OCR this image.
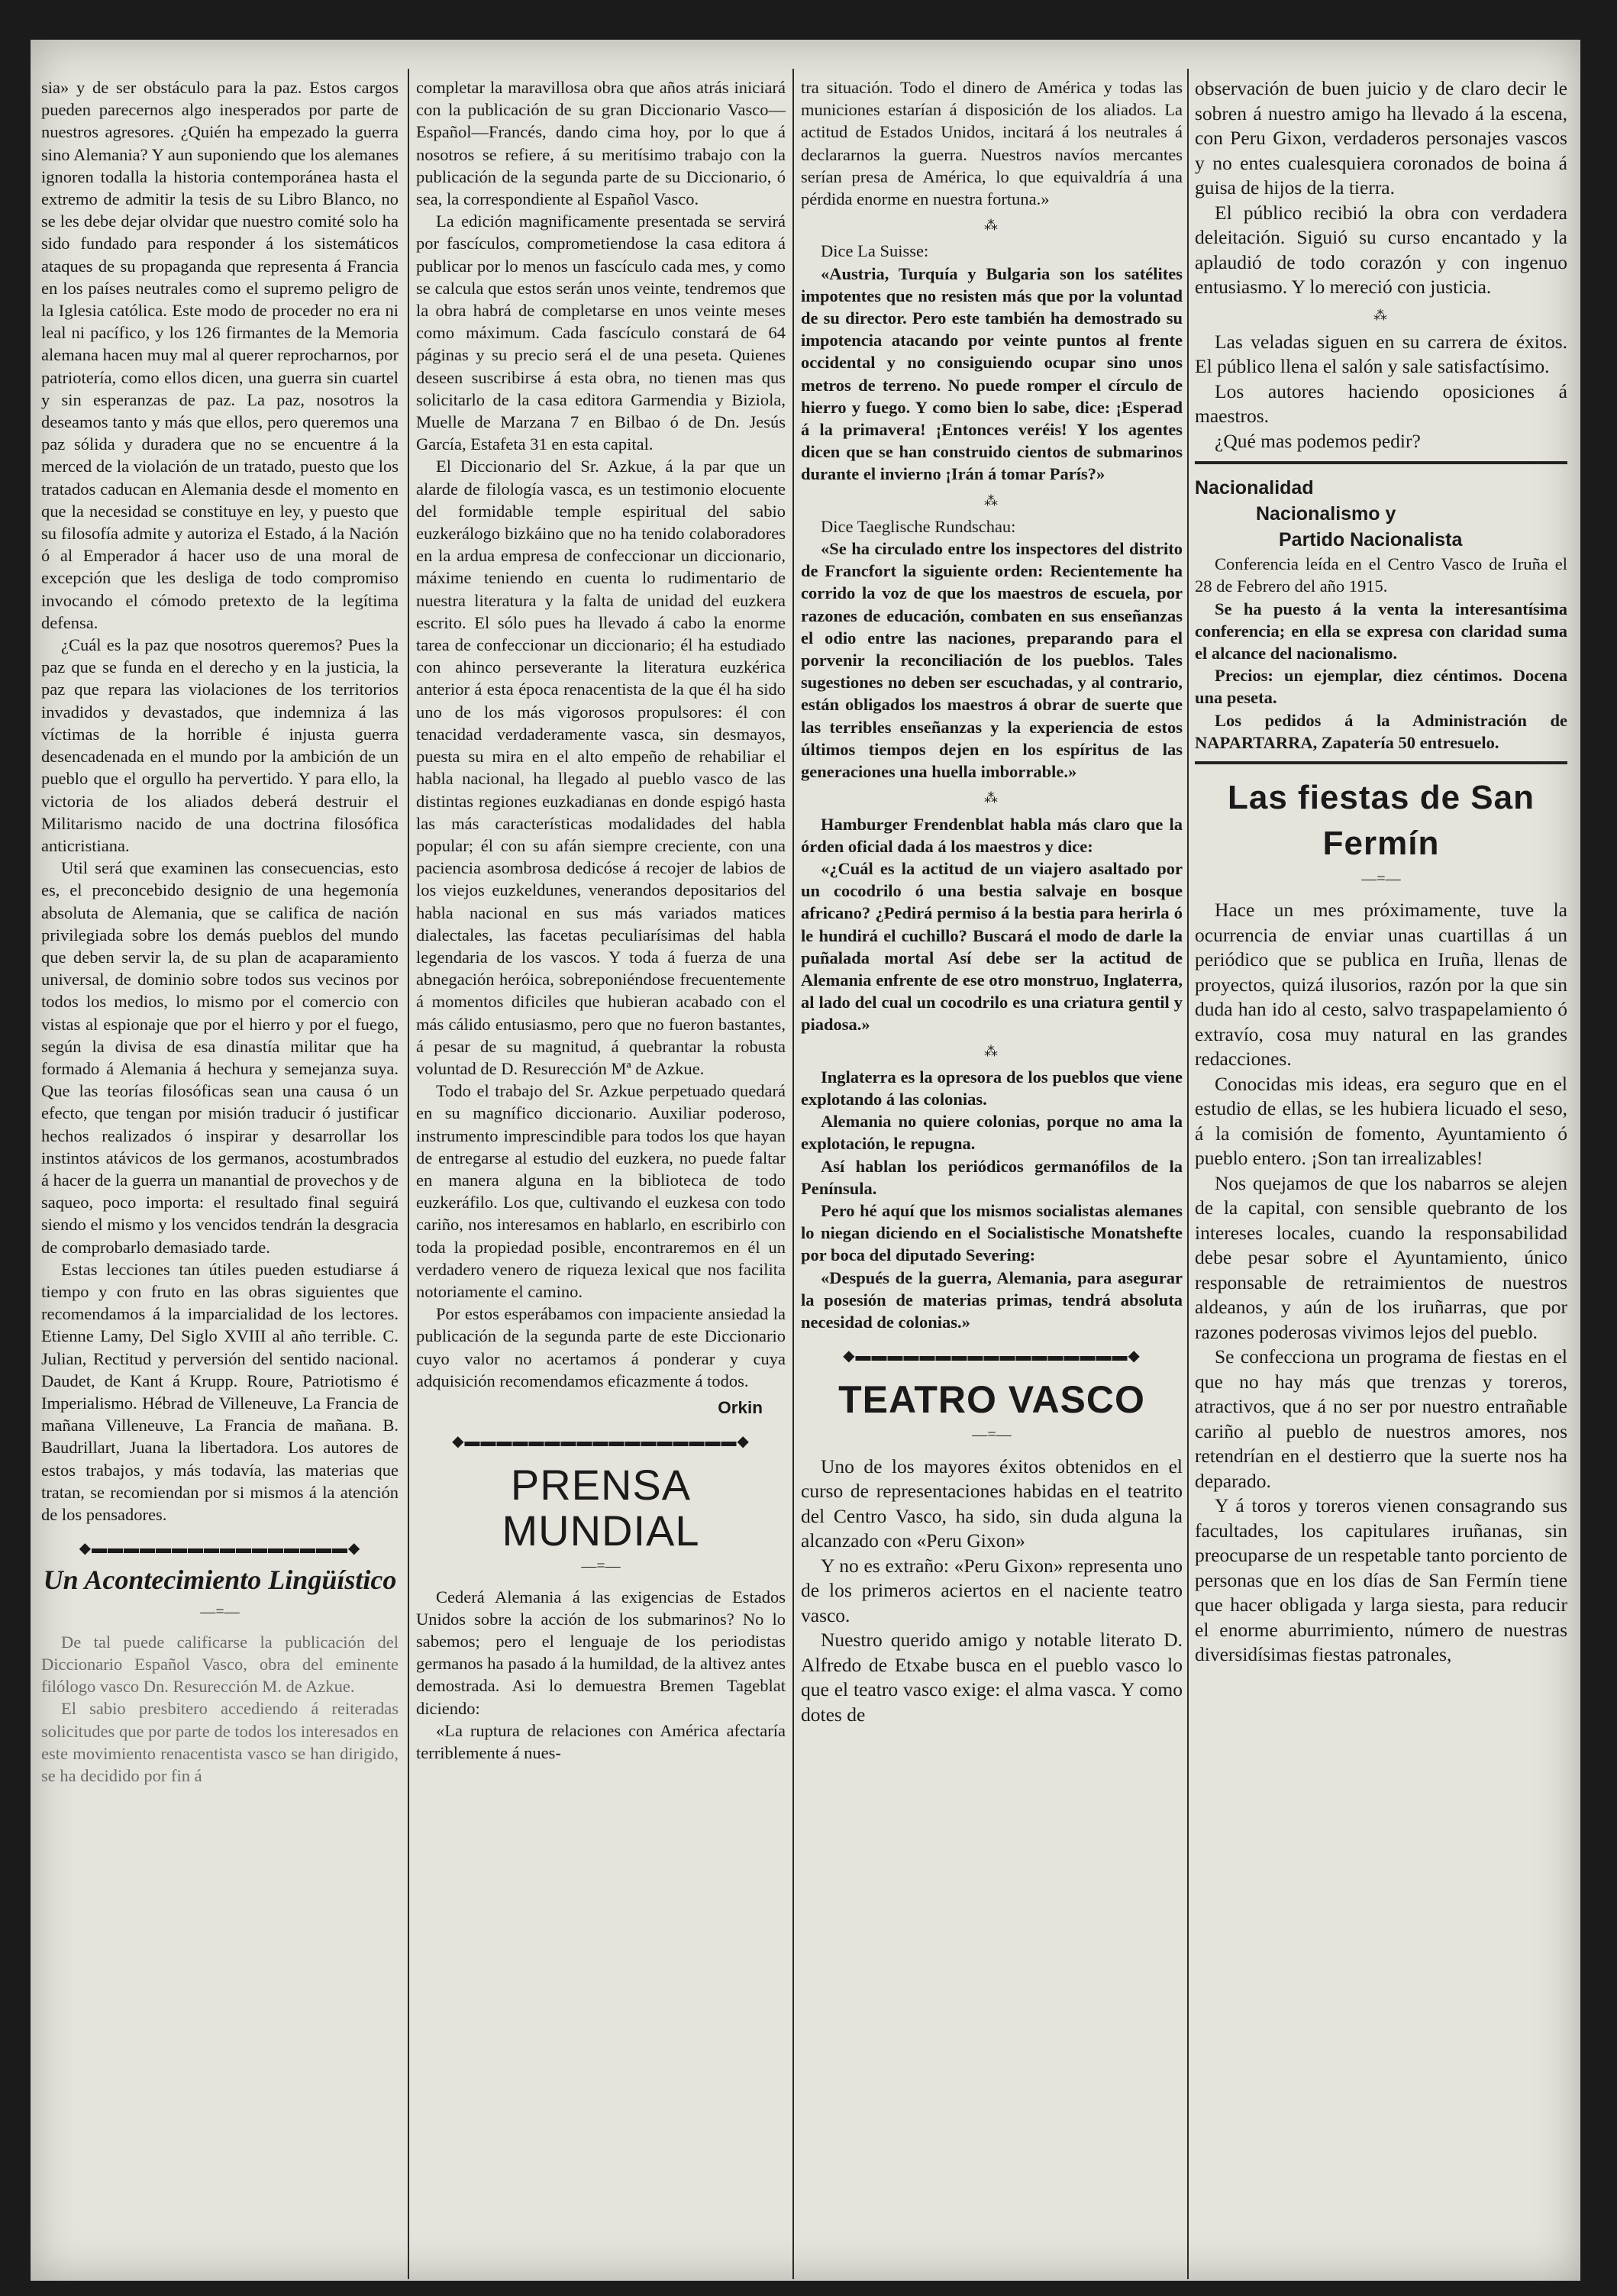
sia» y de ser obstáculo para la paz. Estos cargos pueden parecernos algo inesperados por parte de nuestros agresores. ¿Quién ha empezado la guerra sino Alemania? Y aun suponiendo que los alemanes ignoren todalla la historia contemporánea hasta el extremo de admitir la tesis de su Libro Blanco, no se les debe dejar olvidar que nuestro comité solo ha sido fundado para responder á los sistemáticos ataques de su propaganda que representa á Francia en los países neutrales como el supremo peligro de la Iglesia católica. Este modo de proceder no era ni leal ni pacífico, y los 126 firmantes de la Memoria alemana hacen muy mal al querer reprocharnos, por patriotería, como ellos dicen, una guerra sin cuartel y sin esperanzas de paz. La paz, nosotros la deseamos tanto y más que ellos, pero queremos una paz sólida y duradera que no se encuentre á la merced de la violación de un tratado, puesto que los tratados caducan en Alemania desde el momento en que la necesidad se constituye en ley, y puesto que su filosofía admite y autoriza el Estado, á la Nación ó al Emperador á hacer uso de una moral de excepción que les desliga de todo compromiso invocando el cómodo pretexto de la legítima defensa.

¿Cuál es la paz que nosotros queremos? Pues la paz que se funda en el derecho y en la justicia, la paz que repara las violaciones de los territorios invadidos y devastados, que indemniza á las víctimas de la horrible é injusta guerra desencadenada en el mundo por la ambición de un pueblo que el orgullo ha pervertido. Y para ello, la victoria de los aliados deberá destruir el Militarismo nacido de una doctrina filosófica anticristiana.

Util será que examinen las consecuencias, esto es, el preconcebido designio de una hegemonía absoluta de Alemania, que se califica de nación privilegiada sobre los demás pueblos del mundo que deben servir la, de su plan de acaparamiento universal, de dominio sobre todos sus vecinos por todos los medios, lo mismo por el comercio con vistas al espionaje que por el hierro y por el fuego, según la divisa de esa dinastía militar que ha formado á Alemania á hechura y semejanza suya. Que las teorías filosóficas sean una causa ó un efecto, que tengan por misión traducir ó justificar hechos realizados ó inspirar y desarrollar los instintos atávicos de los germanos, acostumbrados á hacer de la guerra un manantial de provechos y de saqueo, poco importa: el resultado final seguirá siendo el mismo y los vencidos tendrán la desgracia de comprobarlo demasiado tarde.

Estas lecciones tan útiles pueden estudiarse á tiempo y con fruto en las obras siguientes que recomendamos á la imparcialidad de los lectores. Etienne Lamy, Del Siglo XVIII al año terrible. C. Julian, Rectitud y perversión del sentido nacional. Daudet, de Kant á Krupp. Roure, Patriotismo é Imperialismo. Hébrad de Villeneuve, La Francia de mañana Villeneuve, La Francia de mañana. B. Baudrillart, Juana la libertadora. Los autores de estos trabajos, y más todavía, las materias que tratan, se recomiendan por si mismos á la atención de los pensadores.

◆▬▬▬▬▬▬▬▬▬▬▬▬▬▬▬▬◆
Un Acontecimiento Lingüístico
—=—

De tal puede calificarse la publicación del Diccionario Español Vasco, obra del eminente filólogo vasco Dn. Resurección M. de Azkue.

El sabio presbitero accediendo á reiteradas solicitudes que por parte de todos los interesados en este movimiento renacentista vasco se han dirigido, se ha decidido por fin á

completar la maravillosa obra que años atrás iniciará con la publicación de su gran Diccionario Vasco—Español—Francés, dando cima hoy, por lo que á nosotros se refiere, á su meritísimo trabajo con la publicación de la segunda parte de su Diccionario, ó sea, la correspondiente al Español Vasco.

La edición magnificamente presentada se servirá por fascículos, comprometiendose la casa editora á publicar por lo menos un fascículo cada mes, y como se calcula que estos serán unos veinte, tendremos que la obra habrá de completarse en unos veinte meses como máximum. Cada fascículo constará de 64 páginas y su precio será el de una peseta. Quienes deseen suscribirse á esta obra, no tienen mas qus solicitarlo de la casa editora Garmendia y Biziola, Muelle de Marzana 7 en Bilbao ó de Dn. Jesús García, Estafeta 31 en esta capital.

El Diccionario del Sr. Azkue, á la par que un alarde de filología vasca, es un testimonio elocuente del formidable temple espiritual del sabio euzkerálogo bizkáino que no ha tenido colaboradores en la ardua empresa de confeccionar un diccionario, máxime teniendo en cuenta lo rudimentario de nuestra literatura y la falta de unidad del euzkera escrito. El sólo pues ha llevado á cabo la enorme tarea de confeccionar un diccionario; él ha estudiado con ahinco perseverante la literatura euzkérica anterior á esta época renacentista de la que él ha sido uno de los más vigorosos propulsores: él con tenacidad verdaderamente vasca, sin desmayos, puesta su mira en el alto empeño de rehabiliar el habla nacional, ha llegado al pueblo vasco de las distintas regiones euzkadianas en donde espigó hasta las más características modalidades del habla popular; él con su afán siempre creciente, con una paciencia asombrosa dedicóse á recojer de labios de los viejos euzkeldunes, venerandos depositarios del habla nacional en sus más variados matices dialectales, las facetas peculiarísimas del habla legendaria de los vascos. Y toda á fuerza de una abnegación heróica, sobreponiéndose frecuentemente á momentos dificiles que hubieran acabado con el más cálido entusiasmo, pero que no fueron bastantes, á pesar de su magnitud, á quebrantar la robusta voluntad de D. Resurección Mª de Azkue.

Todo el trabajo del Sr. Azkue perpetuado quedará en su magnífico diccionario. Auxiliar poderoso, instrumento imprescindible para todos los que hayan de entregarse al estudio del euzkera, no puede faltar en manera alguna en la biblioteca de todo euzkeráfilo. Los que, cultivando el euzkesa con todo cariño, nos interesamos en hablarlo, en escribirlo con toda la propiedad posible, encontraremos en él un verdadero venero de riqueza lexical que nos facilita notoriamente el camino.

Por estos esperábamos con impaciente ansiedad la publicación de la segunda parte de este Diccionario cuyo valor no acertamos á ponderar y cuya adquisición recomendamos eficazmente á todos.

Orkin
◆▬▬▬▬▬▬▬▬▬▬▬▬▬▬▬▬▬◆
PRENSA MUNDIAL
—=—

Cederá Alemania á las exigencias de Estados Unidos sobre la acción de los submarinos? No lo sabemos; pero el lenguaje de los periodistas germanos ha pasado á la humildad, de la altivez antes demostrada. Asi lo demuestra Bremen Tageblat diciendo:

«La ruptura de relaciones con América afectaría terriblemente á nues-

tra situación. Todo el dinero de América y todas las municiones estarían á disposición de los aliados. La actitud de Estados Unidos, incitará á los neutrales á declararnos la guerra. Nuestros navíos mercantes serían presa de América, lo que equivaldría á una pérdida enorme en nuestra fortuna.»

⁂

Dice La Suisse:

«Austria, Turquía y Bulgaria son los satélites impotentes que no resisten más que por la voluntad de su director. Pero este también ha demostrado su impotencia atacando por veinte puntos al frente occidental y no consiguiendo ocupar sino unos metros de terreno. No puede romper el círculo de hierro y fuego. Y como bien lo sabe, dice: ¡Esperad á la primavera! ¡Entonces veréis! Y los agentes dicen que se han construido cientos de submarinos durante el invierno ¡Irán á tomar París?»

⁂

Dice Taeglische Rundschau:

«Se ha circulado entre los inspectores del distrito de Francfort la siguiente orden: Recientemente ha corrido la voz de que los maestros de escuela, por razones de educación, combaten en sus enseñanzas el odio entre las naciones, preparando para el porvenir la reconciliación de los pueblos. Tales sugestiones no deben ser escuchadas, y al contrario, están obligados los maestros á obrar de suerte que las terribles enseñanzas y la experiencia de estos últimos tiempos dejen en los espíritus de las generaciones una huella imborrable.»

⁂

Hamburger Frendenblat habla más claro que la órden oficial dada á los maestros y dice:

«¿Cuál es la actitud de un viajero asaltado por un cocodrilo ó una bestia salvaje en bosque africano? ¿Pedirá permiso á la bestia para herirla ó le hundirá el cuchillo? Buscará el modo de darle la puñalada mortal Así debe ser la actitud de Alemania enfrente de ese otro monstruo, Inglaterra, al lado del cual un cocodrilo es una criatura gentil y piadosa.»

⁂

Inglaterra es la opresora de los pueblos que viene explotando á las colonias.

Alemania no quiere colonias, porque no ama la explotación, le repugna.

Así hablan los periódicos germanófilos de la Península.

Pero hé aquí que los mismos socialistas alemanes lo niegan diciendo en el Socialistische Monatshefte por boca del diputado Severing:

«Después de la guerra, Alemania, para asegurar la posesión de materias primas, tendrá absoluta necesidad de colonias.»

◆▬▬▬▬▬▬▬▬▬▬▬▬▬▬▬▬▬◆
TEATRO VASCO
—=—

Uno de los mayores éxitos obtenidos en el curso de representaciones habidas en el teatrito del Centro Vasco, ha sido, sin duda alguna la alcanzado con «Peru Gixon»

Y no es extraño: «Peru Gixon» representa uno de los primeros aciertos en el naciente teatro vasco.

Nuestro querido amigo y notable literato D. Alfredo de Etxabe busca en el pueblo vasco lo que el teatro vasco exige: el alma vasca. Y como dotes de

observación de buen juicio y de claro decir le sobren á nuestro amigo ha llevado á la escena, con Peru Gixon, verdaderos personajes vascos y no entes cualesquiera coronados de boina á guisa de hijos de la tierra.

El público recibió la obra con verdadera deleitación. Siguió su curso encantado y la aplaudió de todo corazón y con ingenuo entusiasmo. Y lo mereció con justicia.

⁂

Las veladas siguen en su carrera de éxitos. El público llena el salón y sale satisfactísimo.

Los autores haciendo oposiciones á maestros.

¿Qué mas podemos pedir?

Nacionalidad
Nacionalismo y
Partido Nacionalista

Conferencia leída en el Centro Vasco de Iruña el 28 de Febrero del año 1915.

Se ha puesto á la venta la interesantísima conferencia; en ella se expresa con claridad suma el alcance del nacionalismo.

Precios: un ejemplar, diez céntimos. Docena una peseta.

Los pedidos á la Administración de NAPARTARRA, Zapatería 50 entresuelo.

Las fiestas de San Fermín
—=—

Hace un mes próximamente, tuve la ocurrencia de enviar unas cuartillas á un periódico que se publica en Iruña, llenas de proyectos, quizá ilusorios, razón por la que sin duda han ido al cesto, salvo traspapelamiento ó extravío, cosa muy natural en las grandes redacciones.

Conocidas mis ideas, era seguro que en el estudio de ellas, se les hubiera licuado el seso, á la comisión de fomento, Ayuntamiento ó pueblo entero. ¡Son tan irrealizables!

Nos quejamos de que los nabarros se alejen de la capital, con sensible quebranto de los intereses locales, cuando la responsabilidad debe pesar sobre el Ayuntamiento, único responsable de retraimientos de nuestros aldeanos, y aún de los iruñarras, que por razones poderosas vivimos lejos del pueblo.

Se confecciona un programa de fiestas en el que no hay más que trenzas y toreros, atractivos, que á no ser por nuestro entrañable cariño al pueblo de nuestros amores, nos retendrían en el destierro que la suerte nos ha deparado.

Y á toros y toreros vienen consagrando sus facultades, los capitulares iruñanas, sin preocuparse de un respetable tanto porciento de personas que en los días de San Fermín tiene que hacer obligada y larga siesta, para reducir el enorme aburrimiento, número de nuestras diversidísimas fiestas patronales,
